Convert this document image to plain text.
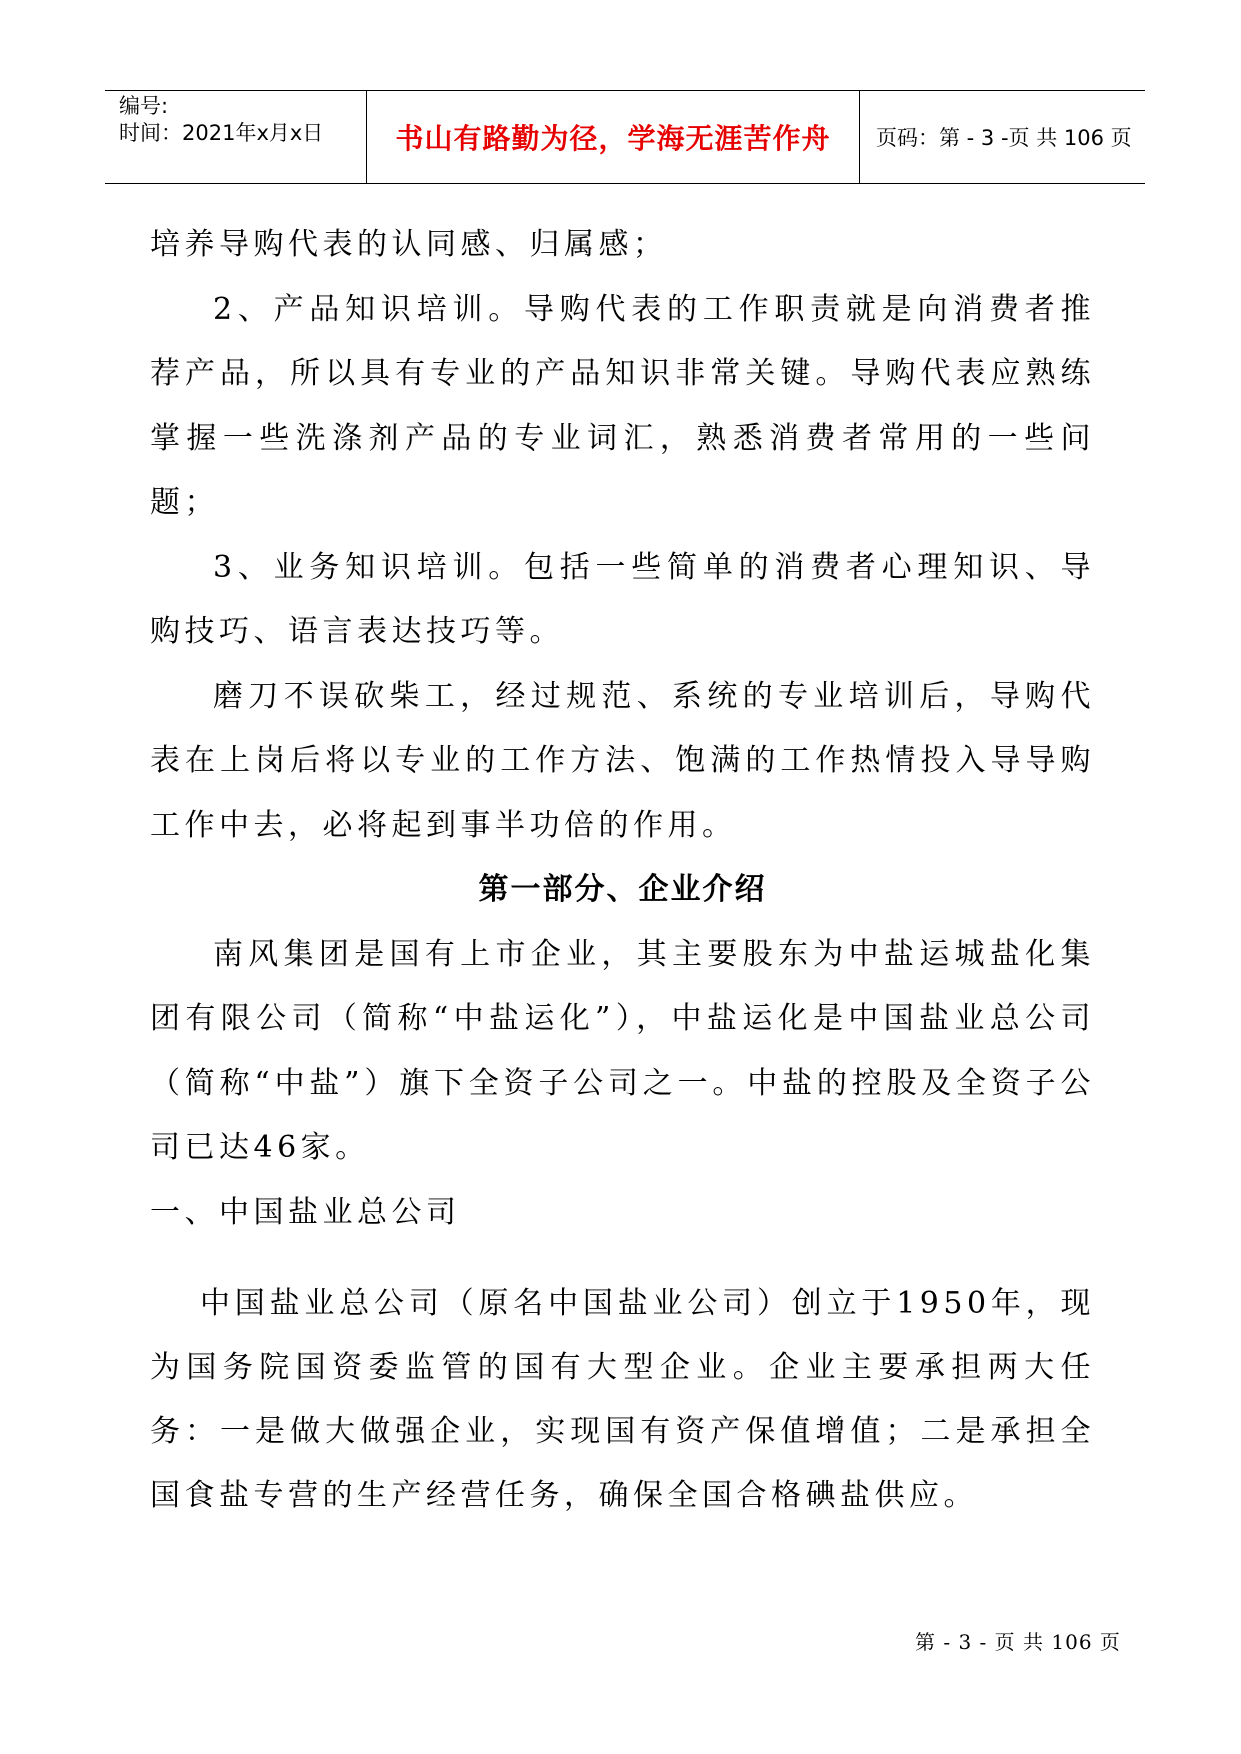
编号:
时间：2021年x月x日	书山有路勤为径，学海无涯苦作舟	页码：第 - 3 -页 共 106 页

培养导购代表的认同感、归属感；

2、产品知识培训。导购代表的工作职责就是向消费者推荐产品，所以具有专业的产品知识非常关键。导购代表应熟练掌握一些洗涤剂产品的专业词汇，熟悉消费者常用的一些问题；

3、业务知识培训。包括一些简单的消费者心理知识、导购技巧、语言表达技巧等。

磨刀不误砍柴工，经过规范、系统的专业培训后，导购代表在上岗后将以专业的工作方法、饱满的工作热情投入导导购工作中去，必将起到事半功倍的作用。

第一部分、企业介绍

南风集团是国有上市企业，其主要股东为中盐运城盐化集团有限公司（简称“中盐运化”），中盐运化是中国盐业总公司（简称“中盐”）旗下全资子公司之一。中盐的控股及全资子公司已达46家。

一、中国盐业总公司

中国盐业总公司（原名中国盐业公司）创立于1950年，现为国务院国资委监管的国有大型企业。企业主要承担两大任务：一是做大做强企业，实现国有资产保值增值；二是承担全国食盐专营的生产经营任务，确保全国合格碘盐供应。

第 - 3 - 页 共 106 页
